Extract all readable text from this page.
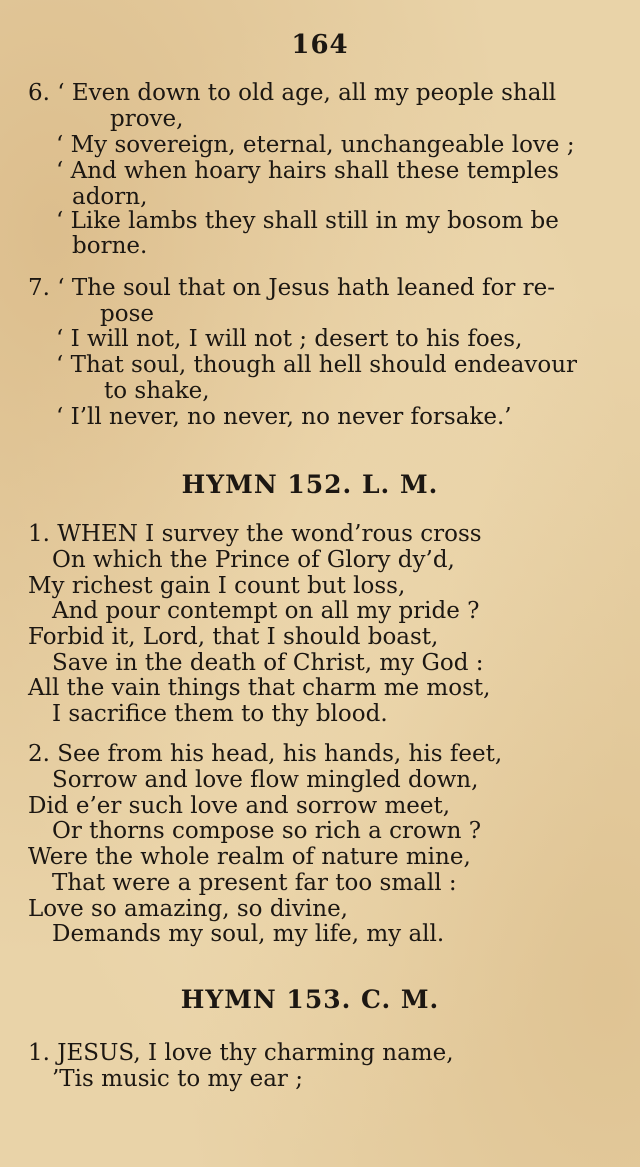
164
6. ‘ Even down to old age, all my people shall
prove,
‘ My sovereign, eternal, unchangeable love ;
‘ And when hoary hairs shall these temples
adorn,
‘ Like lambs they shall still in my bosom be
borne.
7. ‘ The soul that on Jesus hath leaned for re-
pose
‘ I will not, I will not ; desert to his foes,
‘ That soul, though all hell should endeavour
to shake,
‘ I’ll never, no never, no never forsake.’
HYMN 152. L. M.
1. WHEN I survey the wond’rous cross
On which the Prince of Glory dy’d,
My richest gain I count but loss,
And pour contempt on all my pride ?
Forbid it, Lord, that I should boast,
Save in the death of Christ, my God :
All the vain things that charm me most,
I sacrifice them to thy blood.
2. See from his head, his hands, his feet,
Sorrow and love flow mingled down,
Did e’er such love and sorrow meet,
Or thorns compose so rich a crown ?
Were the whole realm of nature mine,
That were a present far too small :
Love so amazing, so divine,
Demands my soul, my life, my all.
HYMN 153. C. M.
1. JESUS, I love thy charming name,
’Tis music to my ear ;
